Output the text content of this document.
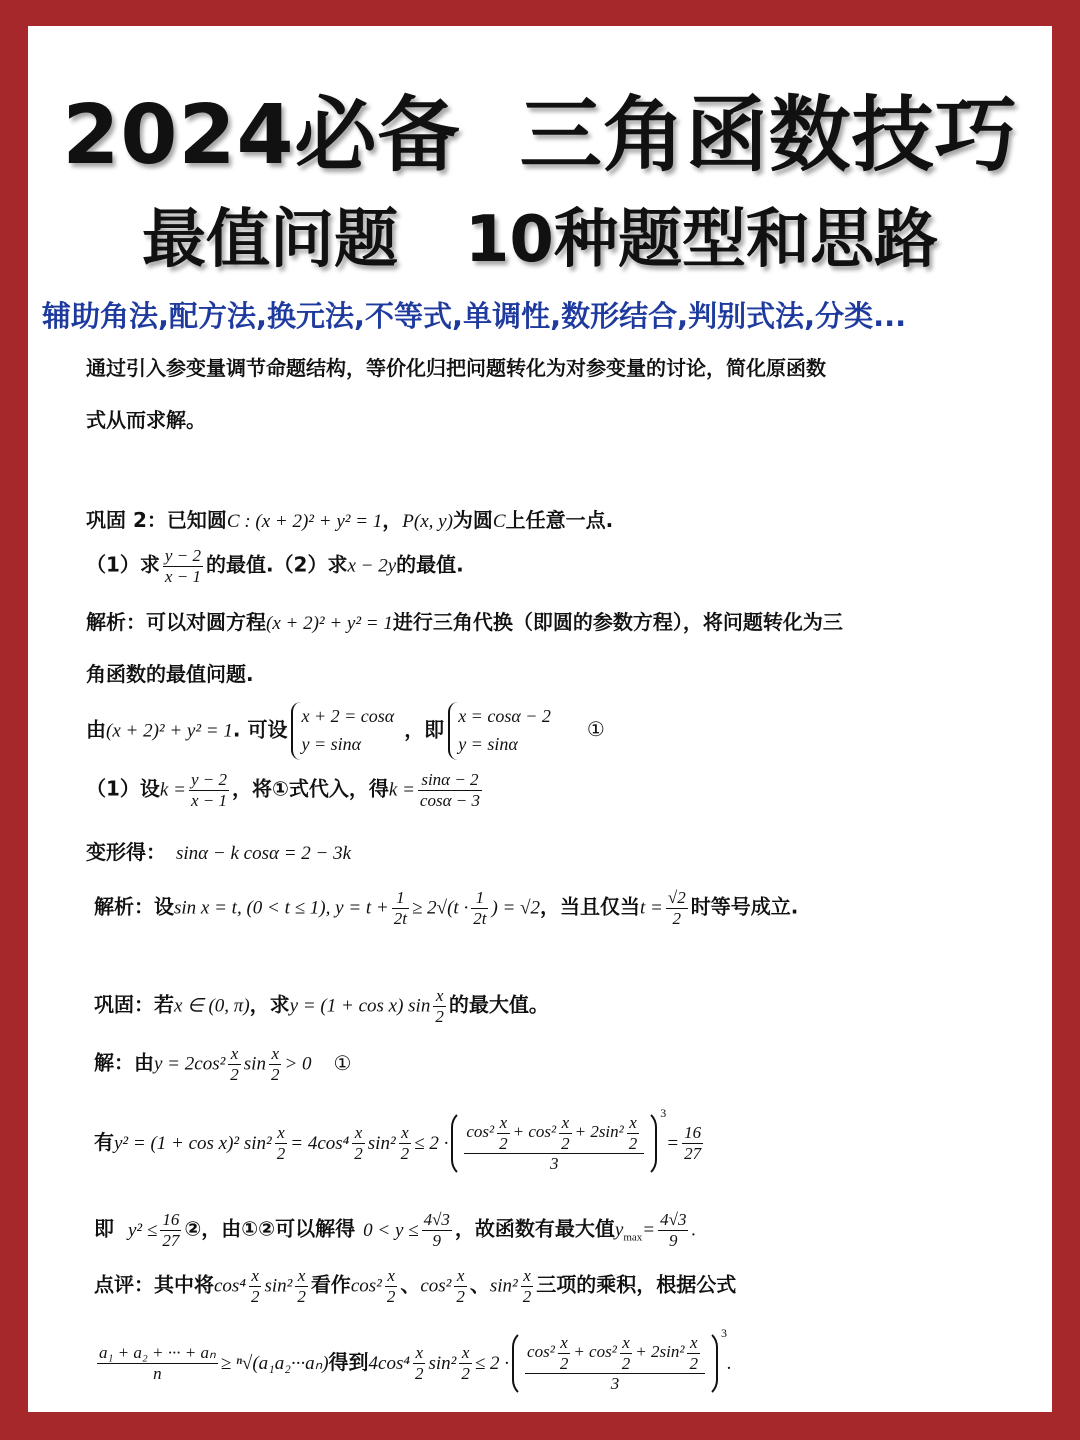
2024必备  三角函数技巧
最值问题   10种题型和思路
辅助角法,配方法,换元法,不等式,单调性,数形结合,判别式法,分类...
通过引入参变量调节命题结构，等价化归把问题转化为对参变量的讨论，简化原函数
式从而求解。
巩固 2：已知圆C : (x + 2)² + y² = 1，P(x, y)为圆C上任意一点.
（1）求 $\frac{y - 2}{x - 1}$ 的最值.（2）求x − 2y的最值.
解析：可以对圆方程(x + 2)² + y² = 1进行三角代换（即圆的参数方程），将问题转化为三
角函数的最值问题.
由(x + 2)² + y² = 1. 可设
x + 2 = cosα
y = sinα
，即
x = cosα − 2
y = sinα
①
（1）设$k = \frac{y - 2}{x - 1}$ ，将①式代入，得$k = \frac{\sin\alpha - 2}{\cos\alpha - 3}$
变形得： sinα − k cosα = 2 − 3k
解析：设sin x = t, (0 < t ≤ 1), $y = t + \frac{1}{2t} \ge 2√(t \cdot \frac{1}{2t}$ ) = √2，当且仅当$t = \frac{√2}{2}$ 时等号成立.
巩固：若x ∈ (0, π)，求y = (1 + cos x) $\sin \frac{x}{2}$ 的最大值。
解：由$y = 2\cos^2 \frac{x}{2}$ $\sin \frac{x}{2} > 0$ ①
有y² = (1 + cos x)² $\sin^2 \frac{x}{2} = 4\cos^4 \frac{x}{2} \sin^2 \frac{x}{2} \le 2 \cdot \frac{\cos^2 \frac{x}{2} + \cos^2 \frac{x}{2} + 2\sin^2 \frac{x}{2}}{3}$
$^3= \frac{16}{27}$
即 $y^2 \le \frac{16}{27}$ ②，由①②可以解得 $0 < y \le \frac{4√3}{9}$ ，故函数有最大值$y_{max}= \frac{4√3}{9}$ .
点评：其中将$\cos^4 \frac{x}{2} \sin^2 \frac{x}{2}$ 看作$\cos^2 \frac{x}{2}$ 、$\cos^2 \frac{x}{2}$ 、$\sin^2 \frac{x}{2}$ 三项的乘积，根据公式
$\frac{\text{a₁ + a₂ + ··· + aₙ}}{n} \ge ^n√(a_1a_2\cdot\cdot\cdot a_n)$得到$4\cos^4 \frac{x}{2} \sin^2 \frac{x}{2} \le 2 \cdot \frac{\cos^2 \frac{x}{2} + \cos^2 \frac{x}{2} + 2\sin^2 \frac{x}{2}}{3}$
$^3$.
